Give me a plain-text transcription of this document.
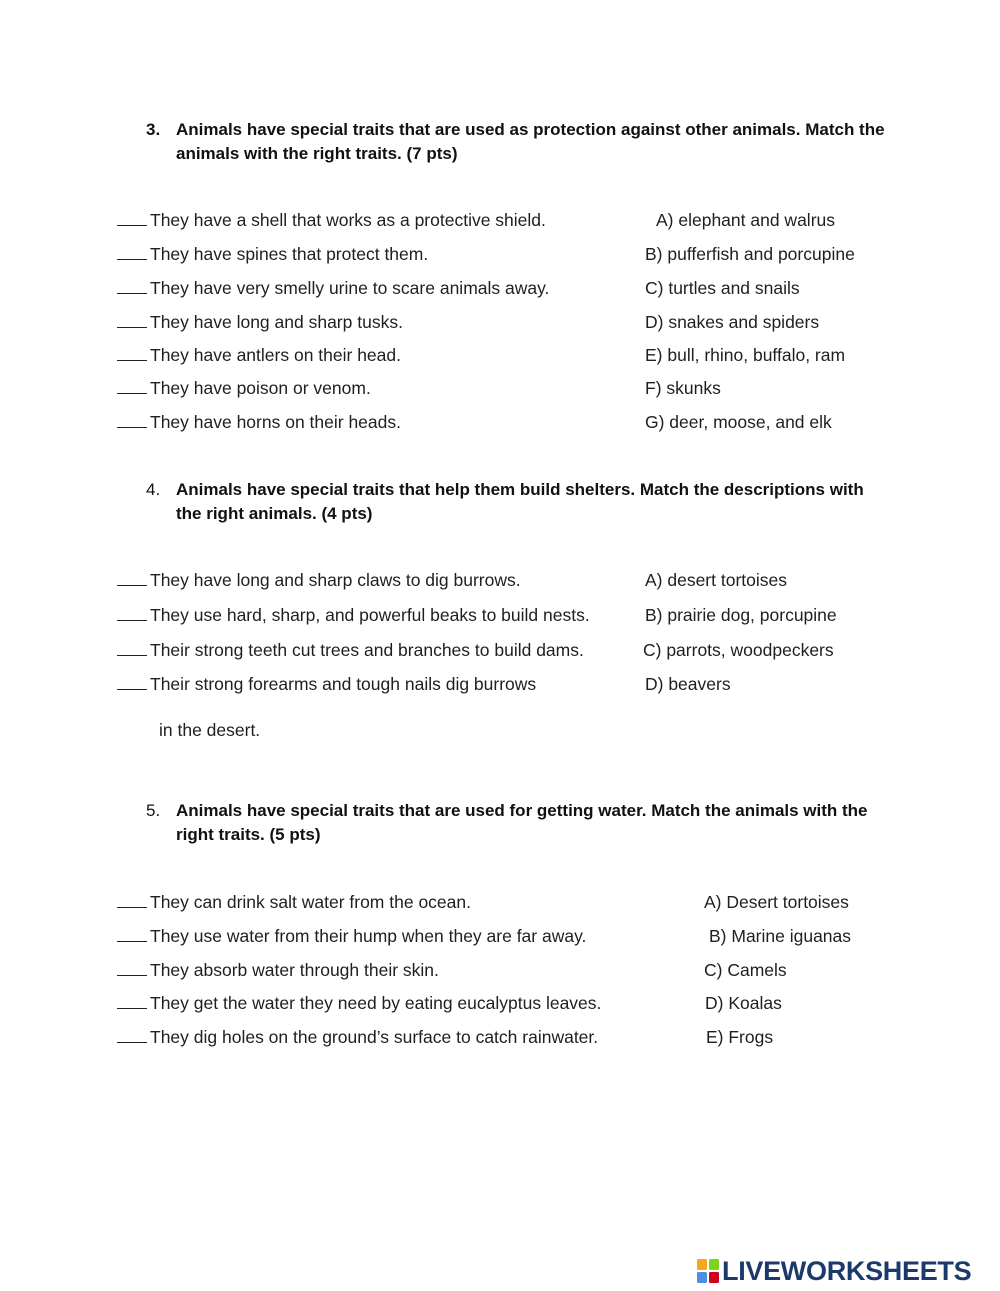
3. Animals have special traits that are used as protection against other animals. Match the animals with the right traits. (7 pts)
They have a shell that works as a protective shield.
They have spines that protect them.
They have very smelly urine to scare animals away.
They have long and sharp tusks.
They have antlers on their head.
They have poison or venom.
They have horns on their heads.
A) elephant and walrus
B) pufferfish and porcupine
C) turtles and snails
D) snakes and spiders
E) bull, rhino, buffalo, ram
F) skunks
G) deer, moose, and elk
4. Animals have special traits that help them build shelters. Match the descriptions with the right animals. (4 pts)
They have long and sharp claws to dig burrows.
They use hard, sharp, and powerful beaks to build nests.
Their strong teeth cut trees and branches to build dams.
Their strong forearms and tough nails dig burrows
in the desert.
A) desert tortoises
B) prairie dog, porcupine
C) parrots, woodpeckers
D) beavers
5. Animals have special traits that are used for getting water. Match the animals with the right traits. (5 pts)
They can drink salt water from the ocean.
They use water from their hump when they are far away.
They absorb water through their skin.
They get the water they need by eating eucalyptus leaves.
They dig holes on the ground’s surface to catch rainwater.
A) Desert tortoises
B) Marine iguanas
C) Camels
D) Koalas
E) Frogs
LIVEWORKSHEETS
